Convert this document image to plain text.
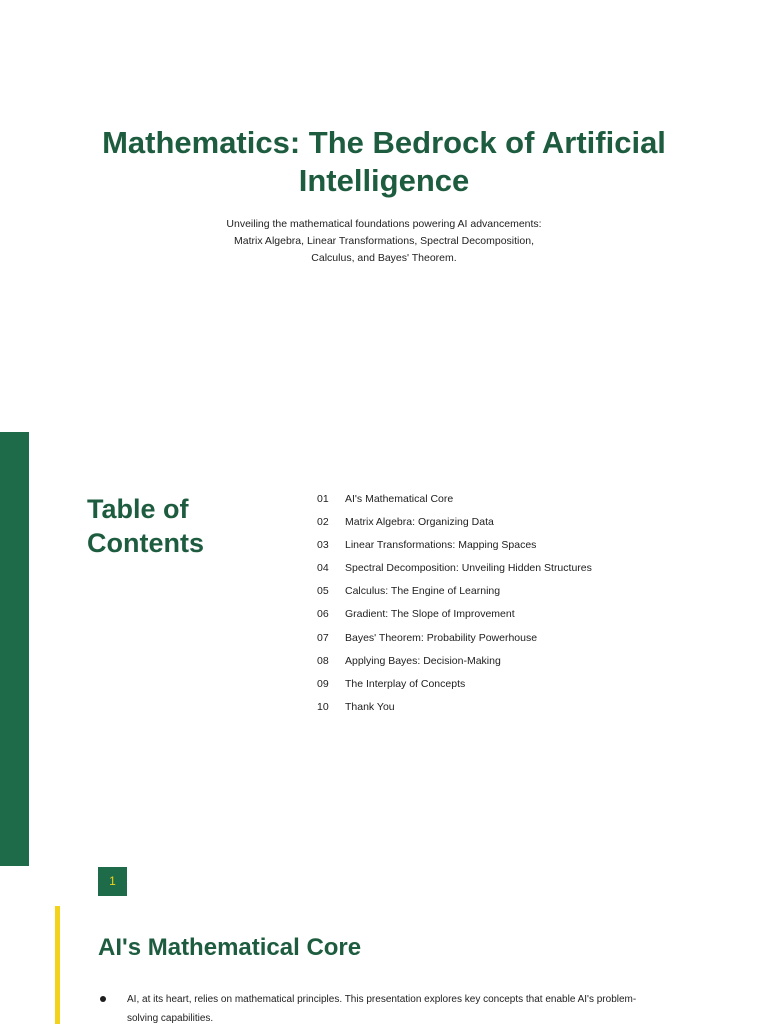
Mathematics: The Bedrock of Artificial Intelligence

Unveiling the mathematical foundations powering AI advancements: Matrix Algebra, Linear Transformations, Spectral Decomposition, Calculus, and Bayes' Theorem.

Table of Contents
01 AI's Mathematical Core
02 Matrix Algebra: Organizing Data
03 Linear Transformations: Mapping Spaces
04 Spectral Decomposition: Unveiling Hidden Structures
05 Calculus: The Engine of Learning
06 Gradient: The Slope of Improvement
07 Bayes' Theorem: Probability Powerhouse
08 Applying Bayes: Decision-Making
09 The Interplay of Concepts
10 Thank You
1
AI's Mathematical Core
AI, at its heart, relies on mathematical principles. This presentation explores key concepts that enable AI's problem-solving capabilities.
